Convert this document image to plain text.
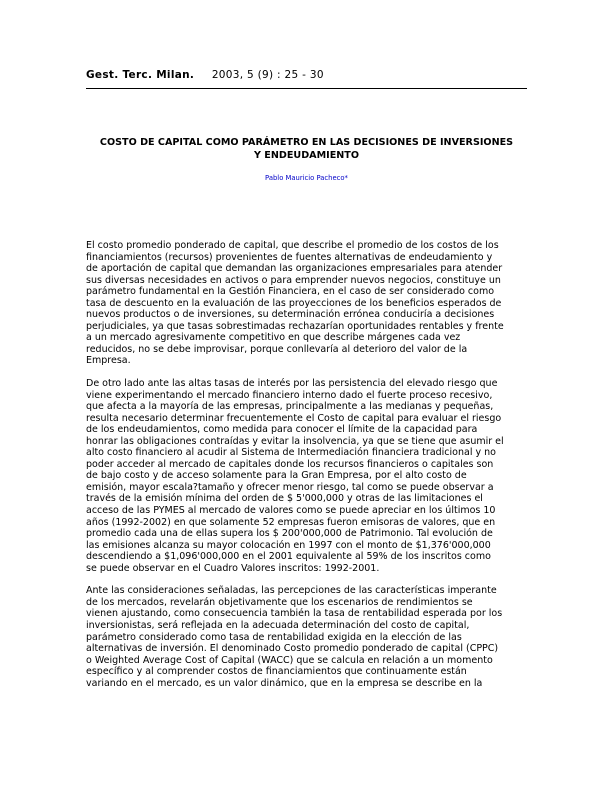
Gest. Terc. Milan. 2003, 5 (9) : 25 - 30
COSTO DE CAPITAL COMO PARÁMETRO EN LAS DECISIONES DE INVERSIONES
Y ENDEUDAMIENTO
Pablo Mauricio Pacheco*
El costo promedio ponderado de capital, que describe el promedio de los costos de los
financiamientos (recursos) provenientes de fuentes alternativas de endeudamiento y
de aportación de capital que demandan las organizaciones empresariales para atender
sus diversas necesidades en activos o para emprender nuevos negocios, constituye un
parámetro fundamental en la Gestión Financiera, en el caso de ser considerado como
tasa de descuento en la evaluación de las proyecciones de los beneficios esperados de
nuevos productos o de inversiones, su determinación errónea conduciría a decisiones
perjudiciales, ya que tasas sobrestimadas rechazarían oportunidades rentables y frente
a un mercado agresivamente competitivo en que describe márgenes cada vez
reducidos, no se debe improvisar, porque conllevaría al deterioro del valor de la
Empresa.
De otro lado ante las altas tasas de interés por las persistencia del elevado riesgo que
viene experimentando el mercado financiero interno dado el fuerte proceso recesivo,
que afecta a la mayoría de las empresas, principalmente a las medianas y pequeñas,
resulta necesario determinar frecuentemente el Costo de capital para evaluar el riesgo
de los endeudamientos, como medida para conocer el límite de la capacidad para
honrar las obligaciones contraídas y evitar la insolvencia, ya que se tiene que asumir el
alto costo financiero al acudir al Sistema de Intermediación financiera tradicional y no
poder acceder al mercado de capitales donde los recursos financieros o capitales son
de bajo costo y de acceso solamente para la Gran Empresa, por el alto costo de
emisión, mayor escala?tamaño y ofrecer menor riesgo, tal como se puede observar a
través de la emisión mínima del orden de $ 5'000,000 y otras de las limitaciones el
acceso de las PYMES al mercado de valores como se puede apreciar en los últimos 10
años (1992-2002) en que solamente 52 empresas fueron emisoras de valores, que en
promedio cada una de ellas supera los $ 200'000,000 de Patrimonio. Tal evolución de
las emisiones alcanza su mayor colocación en 1997 con el monto de $1,376'000,000
descendiendo a $1,096'000,000 en el 2001 equivalente al 59% de los inscritos como
se puede observar en el Cuadro Valores inscritos: 1992-2001.
Ante las consideraciones señaladas, las percepciones de las características imperante
de los mercados, revelarán objetivamente que los escenarios de rendimientos se
vienen ajustando, como consecuencia también la tasa de rentabilidad esperada por los
inversionistas, será reflejada en la adecuada determinación del costo de capital,
parámetro considerado como tasa de rentabilidad exigida en la elección de las
alternativas de inversión. El denominado Costo promedio ponderado de capital (CPPC)
o Weighted Average Cost of Capital (WACC) que se calcula en relación a un momento
específico y al comprender costos de financiamientos que continuamente están
variando en el mercado, es un valor dinámico, que en la empresa se describe en la
